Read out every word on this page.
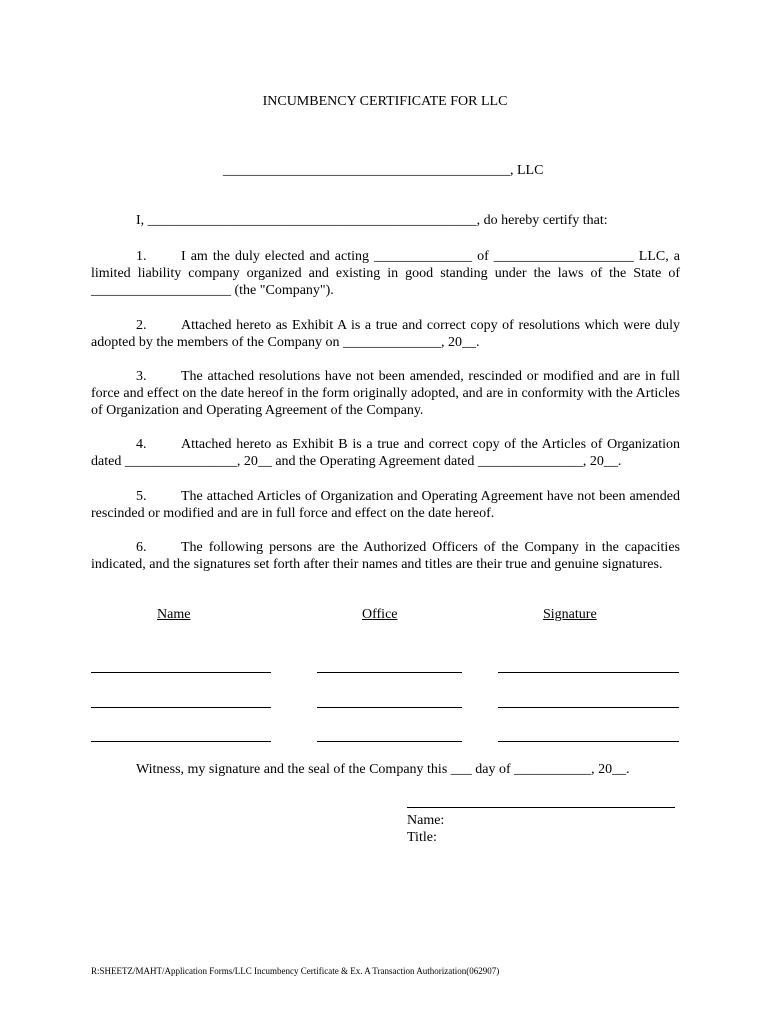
INCUMBENCY CERTIFICATE FOR LLC
_________________________________________, LLC
I, _______________________________________________, do hereby certify that:
1. I am the duly elected and acting ______________ of ____________________ LLC, a limited liability company organized and existing in good standing under the laws of the State of ____________________ (the "Company").
2. Attached hereto as Exhibit A is a true and correct copy of resolutions which were duly adopted by the members of the Company on ______________, 20__.
3. The attached resolutions have not been amended, rescinded or modified and are in full force and effect on the date hereof in the form originally adopted, and are in conformity with the Articles of Organization and Operating Agreement of the Company.
4. Attached hereto as Exhibit B is a true and correct copy of the Articles of Organization dated ________________, 20__ and the Operating Agreement dated _______________, 20__.
5. The attached Articles of Organization and Operating Agreement have not been amended rescinded or modified and are in full force and effect on the date hereof.
6. The following persons are the Authorized Officers of the Company in the capacities indicated, and the signatures set forth after their names and titles are their true and genuine signatures.
Name	Office	Signature
Witness, my signature and the seal of the Company this ___ day of ___________, 20__.
Name:
Title:
R:SHEETZ/MAHT/Application Forms/LLC Incumbency Certificate & Ex. A Transaction Authorization(062907)
